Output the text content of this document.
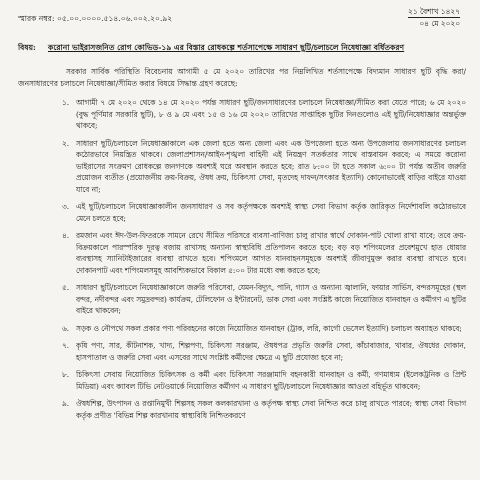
স্মারক নম্বর: ০৫.০০.০০০০.৫১৪.০৬.০০২.২০.৯২
২১ বৈশাখ ১৪২৭
০৪ মে ২০২০
বিষয়:	করোনা ভাইরাসজনিত রোগ কোভিড-১৯ এর বিস্তার রোধকল্পে শর্তসাপেক্ষে সাধারণ ছুটি/চলাচলে নিষেধাজ্ঞা বর্ধিতকরণ

সরকার সার্বিক পরিস্থিতি বিবেচনায় আগামী ৫ মে ২০২০ তারিখের পর নিম্নলিখিত শর্তসাপেক্ষে বিদ্যমান সাধারণ ছুটি বৃদ্ধি করা/জনসাধারণের চলাচলে নিষেধাজ্ঞা/সীমিত করার বিষয়ে সিদ্ধান্ত গ্রহণ করেছে:

১. আগামী ৭ মে ২০২০ থেকে ১৪ মে ২০২০ পর্যন্ত সাধারণ ছুটি/জনসাধারণের চলাচলে নিষেধাজ্ঞা/সীমিত করা যেতে পারে; ৬ মে ২০২০ (বুদ্ধ পূর্ণিমার সরকারি ছুটি), ৮ ও ৯ মে এবং ১৫ ও ১৬ মে ২০২০ তারিখের সাপ্তাহিক ছুটির দিনগুলোও এই ছুটি/নিষেধাজ্ঞার অন্তর্ভুক্ত থাকবে;
২. সাধারণ ছুটি/চলাচলে নিষেধাজ্ঞাকালে এক জেলা হতে অন্য জেলা এবং এক উপজেলা হতে অন্য উপজেলায় জনসাধারণের চলাচল কঠোরভাবে নিয়ন্ত্রিত থাকবে। জেলাপ্রশাসন/আইন-শৃঙ্খলা বাহিনী এই নিয়ন্ত্রণ সতর্কতার সাথে বাস্তবায়ন করবে; এ সময়ে করোনা ভাইরাসের সংক্রমণ রোধকল্পে জনগণকে অবশ্যই ঘরে অবস্থান করতে হবে; রাত ৮:০০ টা হতে সকাল ৬:০০ টা পর্যন্ত অতীব জরুরি প্রয়োজন ব্যতীত (প্রয়োজনীয় ক্রয়-বিক্রয়, ঔষধ ক্রয়, চিকিৎসা সেবা, মৃতদেহ দাফন/সৎকার ইত্যাদি) কোনোভাবেই বাড়ির বাইরে যাওয়া যাবে না;
৩. এই ছুটি/চলাচলে নিষেধাজ্ঞাকালীন জনসাধারণ ও সব কর্তৃপক্ষকে অবশ্যই স্বাস্থ্য সেবা বিভাগ কর্তৃক জারিকৃত নির্দেশাবলি কঠোরভাবে মেনে চলতে হবে;
৪. রমজান এবং ঈদ-উল-ফিতরকে সামনে রেখে সীমিত পরিসরে ব্যবসা-বাণিজ্য চালু রাখার স্বার্থে দোকান-পাট খোলা রাখা যাবে; তবে ক্রয়-বিক্রয়কালে পারস্পরিক দূরত্ব বজায় রাখাসহ অন্যান্য স্বাস্থ্যবিধি প্রতিপালন করতে হবে; বড় বড় শপিংমলের প্রবেশমুখে হাত ধোয়ার ব্যবস্থাসহ স্যানিটাইজারের ব্যবস্থা রাখতে হবে। শপিংমলে আগত যানবাহনসমূহকে অবশ্যই জীবাণুমুক্ত করার ব্যবস্থা রাখতে হবে। দোকানপাট এবং শপিংমলসমূহ আবশ্যিকভাবে বিকাল ৫:০০ টার মধ্যে বন্ধ করতে হবে;
৫. সাধারণ ছুটি/চলাচলে নিষেধাজ্ঞাকালে জরুরি পরিসেবা, যেমন-বিদ্যুৎ, পানি, গ্যাস ও অন্যান্য জ্বালানি, ফায়ার সার্ভিস, বন্দরসমূহের (স্থল বন্দর, নদীবন্দর এবং সমুদ্রবন্দর) কার্যক্রম, টেলিফোন ও ইন্টারনেট, ডাক সেবা এবং সংশ্লিষ্ট কাজে নিয়োজিত যানবাহন ও কর্মীগণ এ ছুটির বাইরে থাকবেন;
৬. সড়ক ও নৌপথে সকল প্রকার পণ্য পরিবহনের কাজে নিয়োজিত যানবাহন (ট্রাক, লরি, কার্গো ভেসেল ইত্যাদি) চলাচল অব্যাহত থাকবে;
৭. কৃষি পণ্য, সার, কীটনাশক, খাদ্য, শিল্পপণ্য, চিকিৎসা সরঞ্জাম, ঔষধপত্র প্রভৃতি জরুরি সেবা, কাঁচাবাজার, খাবার, ঔষধের দোকান, হাসপাতাল ও জরুরি সেবা এবং এসবের সাথে সংশ্লিষ্ট কর্মীদের ক্ষেত্রে এ ছুটি প্রযোজ্য হবে না;
৮. চিকিৎসা সেবায় নিয়োজিত চিকিৎসক ও কর্মী এবং চিকিৎসা সরঞ্জামাদি বহনকারী যানবাহন ও কর্মী, গণমাধ্যম (ইলেকট্রনিক ও প্রিন্ট মিডিয়া) এবং ক্যাবল টিভি নেটওয়ার্কে নিয়োজিত কর্মীগণ এ সাধারণ ছুটি/চলাচলে নিষেধাজ্ঞার আওতা বহির্ভূত থাকবেন;
৯. ঔষধশিল্প, উৎপাদন ও রপ্তানিমুখী শিল্পসহ সকল কলকারখানা ও কর্তৃপক্ষ স্বাস্থ্য সেবা নিশ্চিত করে চালু রাখতে পারবে; স্বাস্থ্য সেবা বিভাগ কর্তৃক প্রণীত 'বিভিন্ন শিল্প কারখানায় স্বাস্থ্যবিধি নিশ্চিতকরণে
